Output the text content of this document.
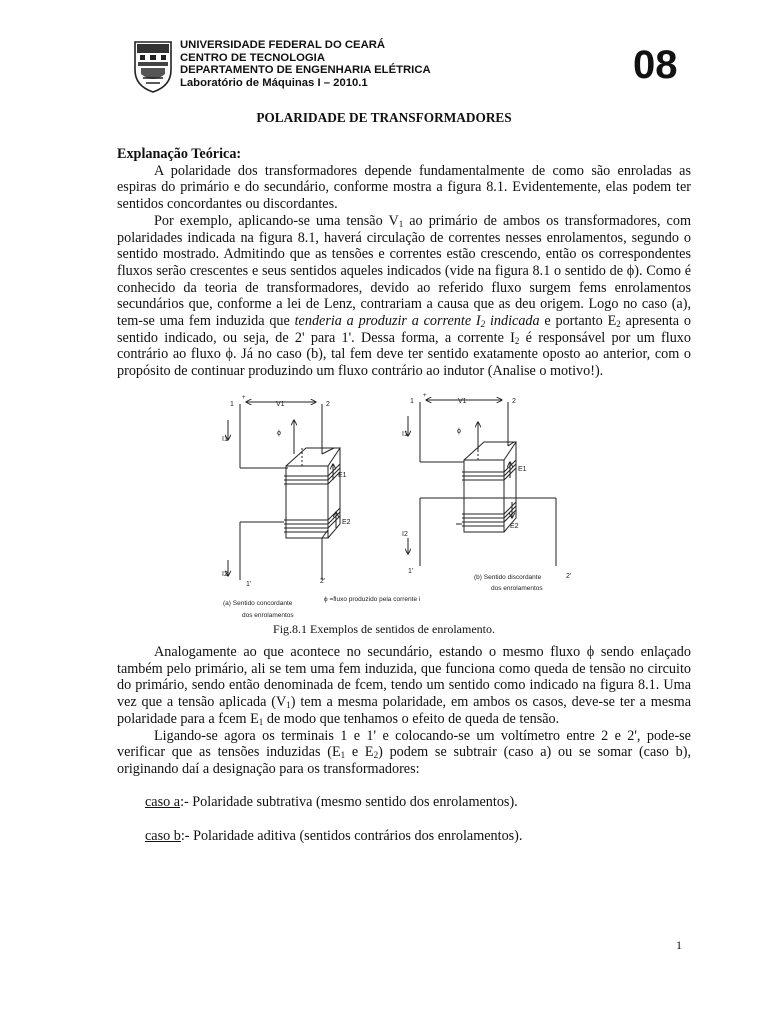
UNIVERSIDADE FEDERAL DO CEARÁ
CENTRO DE TECNOLOGIA
DEPARTAMENTO DE ENGENHARIA ELÉTRICA
Laboratório de Máquinas I – 2010.1	08
POLARIDADE DE TRANSFORMADORES

Explanação Teórica:

A polaridade dos transformadores depende fundamentalmente de como são enroladas as espiras do primário e do secundário, conforme mostra a figura 8.1. Evidentemente, elas podem ter sentidos concordantes ou discordantes.

Por exemplo, aplicando-se uma tensão $V_1$ ao primário de ambos os transformadores, com polaridades indicada na figura 8.1, haverá circulação de correntes nesses enrolamentos, segundo o sentido mostrado. Admitindo que as tensões e correntes estão crescendo, então os correspondentes fluxos serão crescentes e seus sentidos aqueles indicados (vide na figura 8.1 o sentido de ϕ). Como é conhecido da teoria de transformadores, devido ao referido fluxo surgem fems enrolamentos secundários que, conforme a lei de Lenz, contrariam a causa que as deu origem. Logo no caso (a), tem-se uma fem induzida que tenderia a produzir a corrente $I_2$ indicada e portanto $E_2$ apresenta o sentido indicado, ou seja, de 2' para 1'. Dessa forma, a corrente $I_2$ é responsável por um fluxo contrário ao fluxo ϕ. Já no caso (b), tal fem deve ter sentido exatamente oposto ao anterior, com o propósito de continuar produzindo um fluxo contrário ao indutor (Analise o motivo!).

1
+
V1	2
I1
ϕ
E1
E2
I2
1'	2'
(a) Sentido concordante
dos enrolamentos
ϕ =fluxo produzido pela corrente i
1
+
V1	2
I1	ϕ
E1
E2
I2
1'
2'
(b) Sentido discordante
dos enrolamentos
Fig.8.1 Exemplos de sentidos de enrolamento.

Analogamente ao que acontece no secundário, estando o mesmo fluxo ϕ sendo enlaçado também pelo primário, ali se tem uma fem induzida, que funciona como queda de tensão no circuito do primário, sendo então denominada de fcem, tendo um sentido como indicado na figura 8.1. Uma vez que a tensão aplicada $(V_1)$ tem a mesma polaridade, em ambos os casos, deve-se ter a mesma polaridade para a fcem $E_1$ de modo que tenhamos o efeito de queda de tensão.

Ligando-se agora os terminais 1 e 1' e colocando-se um voltímetro entre 2 e 2', pode-se verificar que as tensões induzidas ($E_1$ e $E_2$) podem se subtrair (caso a) ou se somar (caso b), originando daí a designação para os transformadores:

caso a:- Polaridade subtrativa (mesmo sentido dos enrolamentos).
caso b:- Polaridade aditiva (sentidos contrários dos enrolamentos).
1
